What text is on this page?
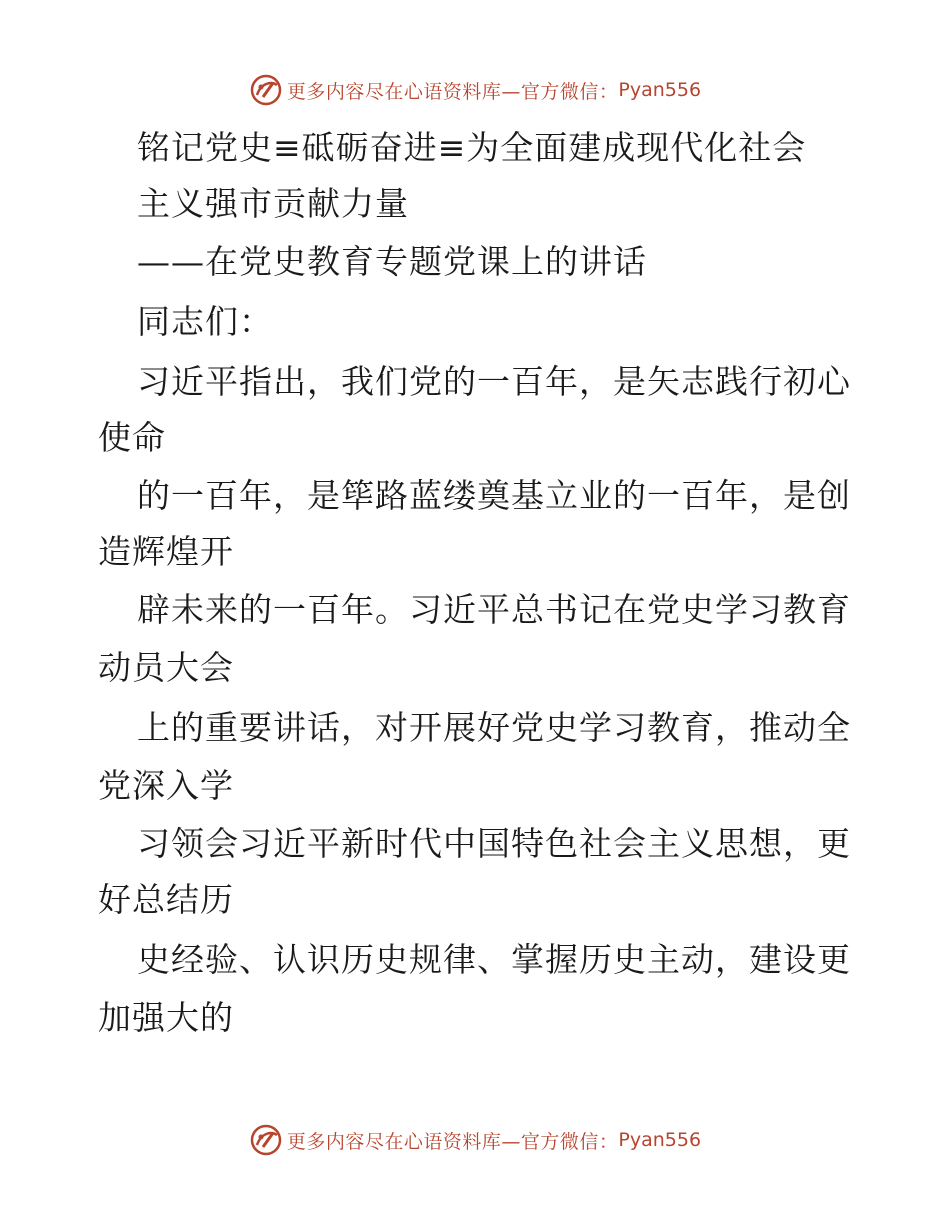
更多内容尽在心语资料库—官方微信： Pyan556
铭记党史≡砥砺奋进≡为全面建成现代化社会
主义强市贡献力量
——在党史教育专题党课上的讲话
同志们：
习近平指出，我们党的一百年，是矢志践行初心
使命
的一百年，是筚路蓝缕奠基立业的一百年，是创
造辉煌开
辟未来的一百年。习近平总书记在党史学习教育
动员大会
上的重要讲话，对开展好党史学习教育，推动全
党深入学
习领会习近平新时代中国特色社会主义思想，更
好总结历
史经验、认识历史规律、掌握历史主动，建设更
加强大的
更多内容尽在心语资料库—官方微信： Pyan556
